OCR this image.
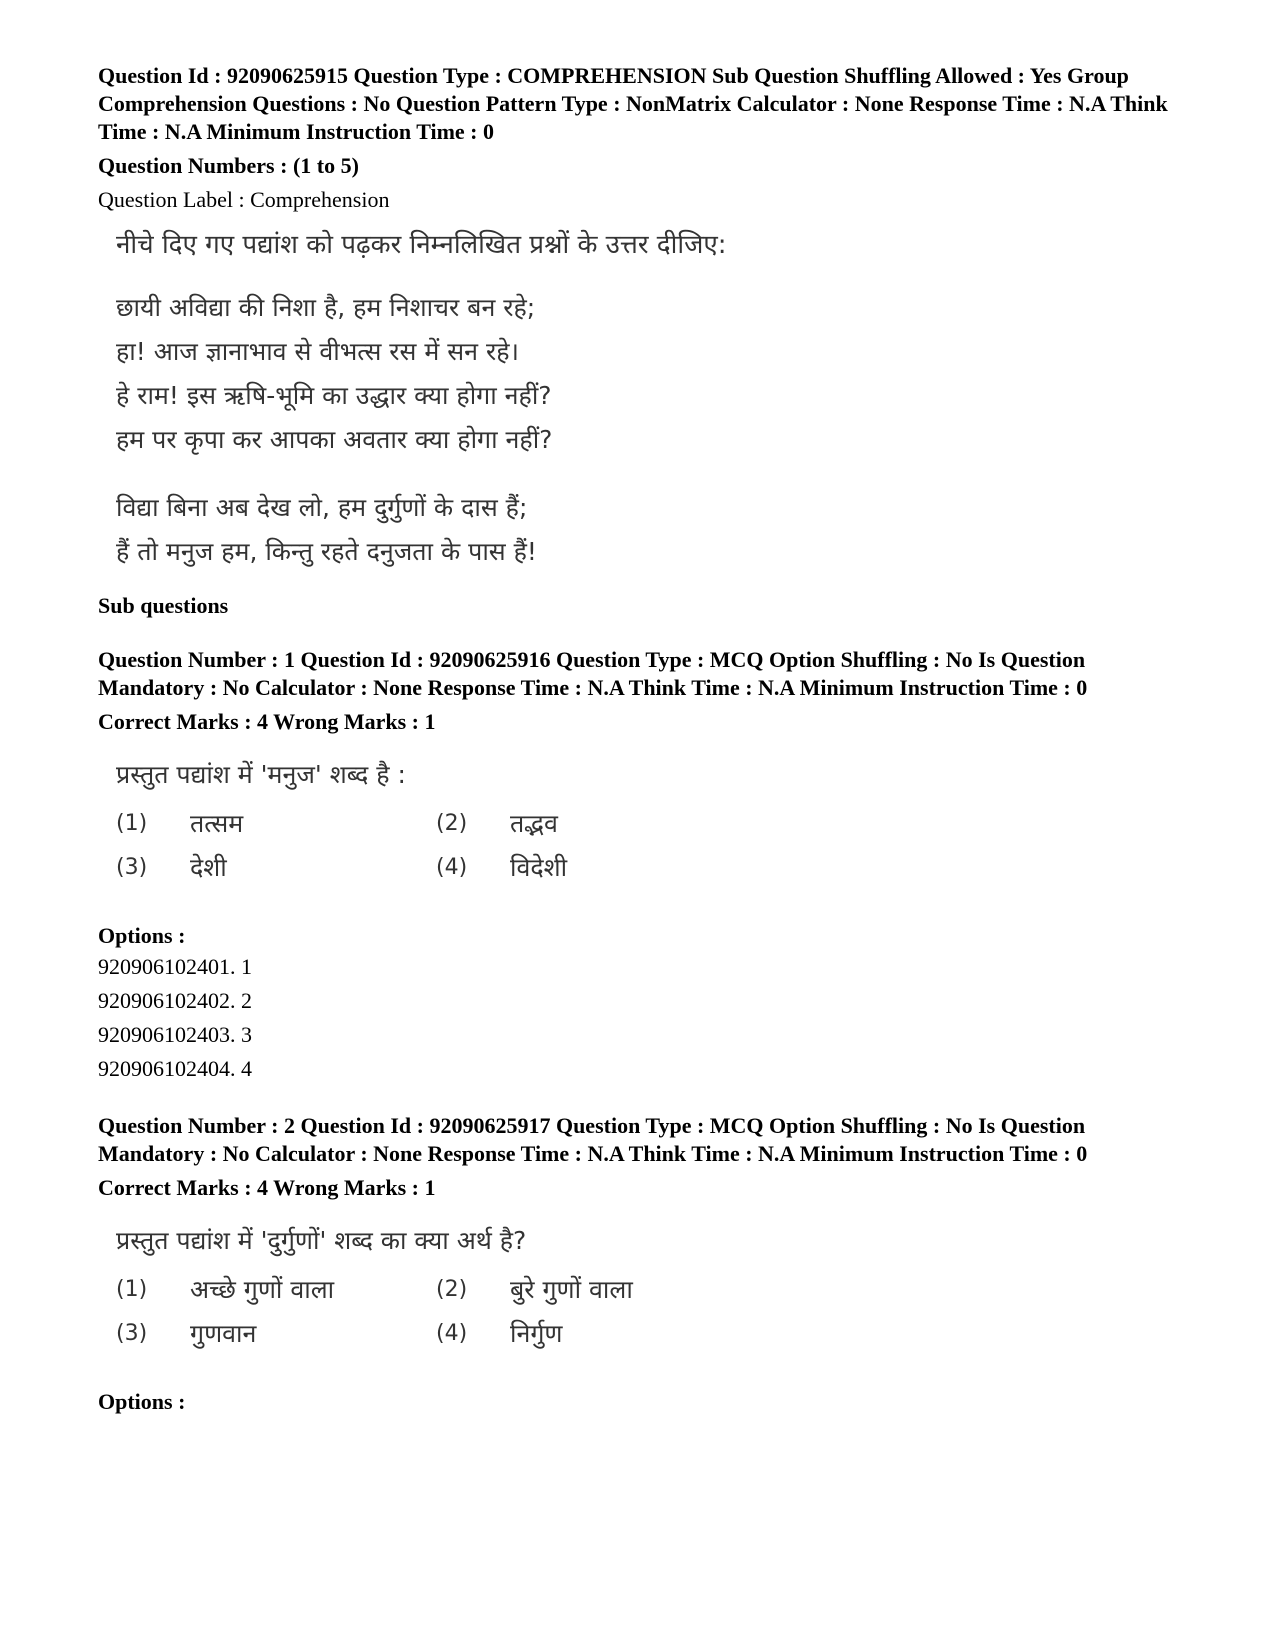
Question Id : 92090625915 Question Type : COMPREHENSION Sub Question Shuffling Allowed : Yes Group Comprehension Questions : No Question Pattern Type : NonMatrix Calculator : None Response Time : N.A Think Time : N.A Minimum Instruction Time : 0
Question Numbers : (1 to 5)
Question Label : Comprehension
नीचे दिए गए पद्यांश को पढ़कर निम्नलिखित प्रश्नों के उत्तर दीजिए:
छायी अविद्या की निशा है, हम निशाचर बन रहे;
हा! आज ज्ञानाभाव से वीभत्स रस में सन रहे।
हे राम! इस ऋषि-भूमि का उद्धार क्या होगा नहीं?
हम पर कृपा कर आपका अवतार क्या होगा नहीं?
विद्या बिना अब देख लो, हम दुर्गुणों के दास हैं;
हैं तो मनुज हम, किन्तु रहते दनुजता के पास हैं!
Sub questions
Question Number : 1 Question Id : 92090625916 Question Type : MCQ Option Shuffling : No Is Question Mandatory : No Calculator : None Response Time : N.A Think Time : N.A Minimum Instruction Time : 0
Correct Marks : 4 Wrong Marks : 1
प्रस्तुत पद्यांश में 'मनुज' शब्द है :
(1)	तत्सम	(2)	तद्भव
(3)	देशी	(4)	विदेशी
Options :
920906102401. 1
920906102402. 2
920906102403. 3
920906102404. 4
Question Number : 2 Question Id : 92090625917 Question Type : MCQ Option Shuffling : No Is Question Mandatory : No Calculator : None Response Time : N.A Think Time : N.A Minimum Instruction Time : 0
Correct Marks : 4 Wrong Marks : 1
प्रस्तुत पद्यांश में 'दुर्गुणों' शब्द का क्या अर्थ है?
(1)	अच्छे गुणों वाला	(2)	बुरे गुणों वाला
(3)	गुणवान	(4)	निर्गुण
Options :
